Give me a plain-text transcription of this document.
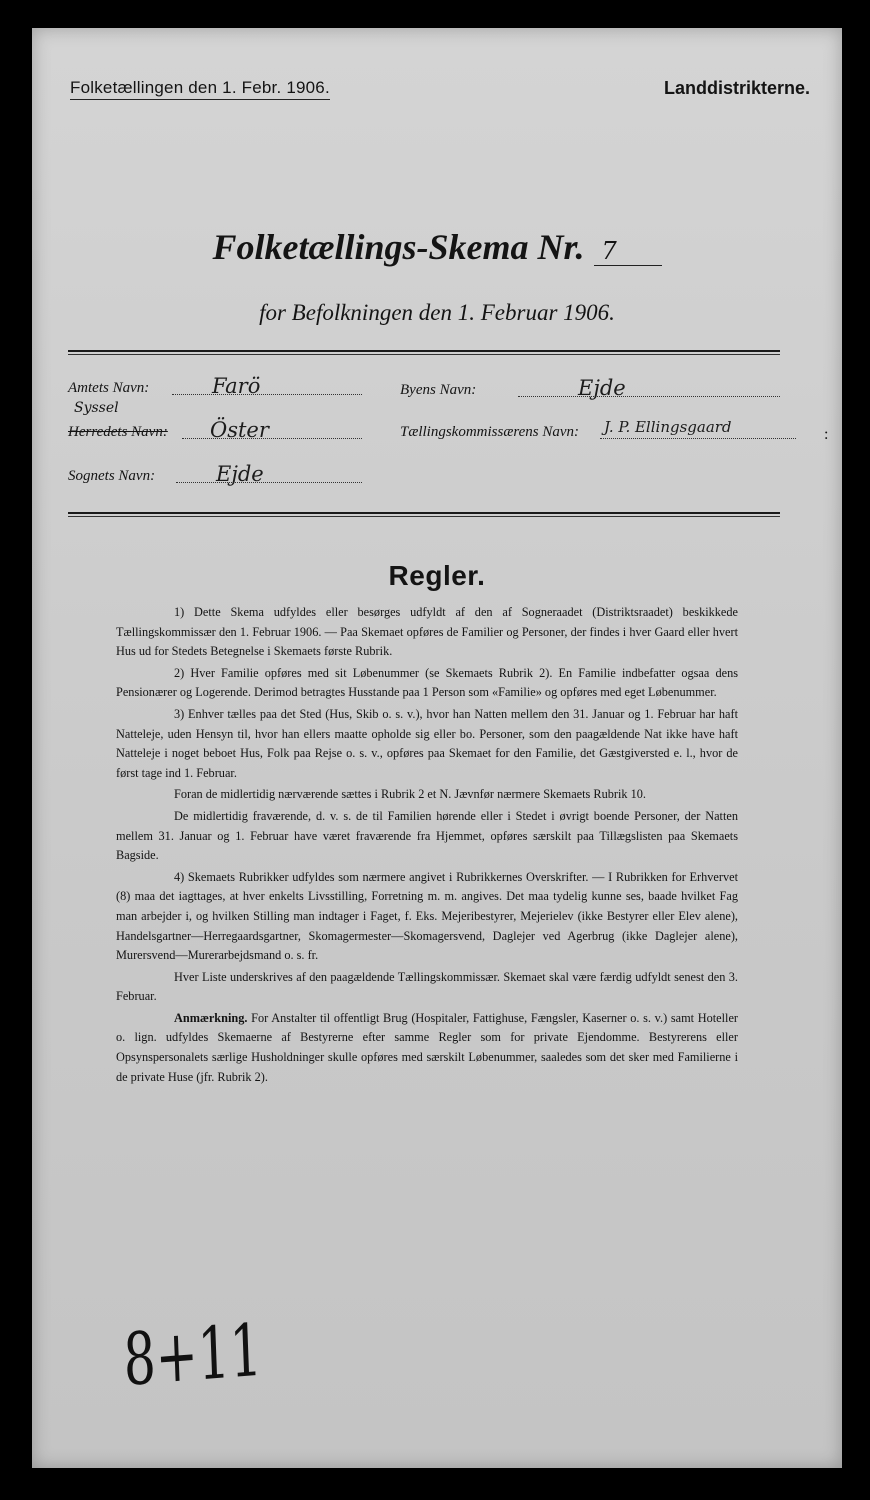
Folketællingen den 1. Febr. 1906.	Landdistrikterne.
Folketællings-Skema Nr. 7
for Befolkningen den 1. Februar 1906.
Amtets Navn:	Farö
Syssel
Herredets Navn:	Öster
Sognets Navn:	Ejde
Byens Navn:	Ejde
Tællingskommissærens Navn: J. P. Ellingsgaard	:
Regler.

1) Dette Skema udfyldes eller besørges udfyldt af den af Sogneraadet (Distriktsraadet) beskikkede Tællingskommissær den 1. Februar 1906. — Paa Skemaet opføres de Familier og Personer, der findes i hver Gaard eller hvert Hus ud for Stedets Betegnelse i Skemaets første Rubrik.

2) Hver Familie opføres med sit Løbenummer (se Skemaets Rubrik 2). En Familie indbefatter ogsaa dens Pensionærer og Logerende. Derimod betragtes Husstande paa 1 Person som «Familie» og opføres med eget Løbenummer.

3) Enhver tælles paa det Sted (Hus, Skib o. s. v.), hvor han Natten mellem den 31. Januar og 1. Februar har haft Natteleje, uden Hensyn til, hvor han ellers maatte opholde sig eller bo. Personer, som den paagældende Nat ikke have haft Natteleje i noget beboet Hus, Folk paa Rejse o. s. v., opføres paa Skemaet for den Familie, det Gæstgiversted e. l., hvor de først tage ind 1. Februar.

Foran de midlertidig nærværende sættes i Rubrik 2 et N. Jævnfør nærmere Skemaets Rubrik 10.

De midlertidig fraværende, d. v. s. de til Familien hørende eller i Stedet i øvrigt boende Personer, der Natten mellem 31. Januar og 1. Februar have været fraværende fra Hjemmet, opføres særskilt paa Tillægslisten paa Skemaets Bagside.

4) Skemaets Rubrikker udfyldes som nærmere angivet i Rubrikkernes Overskrifter. — I Rubrikken for Erhvervet (8) maa det iagttages, at hver enkelts Livsstilling, Forretning m. m. angives. Det maa tydelig kunne ses, baade hvilket Fag man arbejder i, og hvilken Stilling man indtager i Faget, f. Eks. Mejeribestyrer, Mejerielev (ikke Bestyrer eller Elev alene), Handelsgartner—Herregaardsgartner, Skomagermester—Skomagersvend, Daglejer ved Agerbrug (ikke Daglejer alene), Murersvend—Murerarbejdsmand o. s. fr.

Hver Liste underskrives af den paagældende Tællingskommissær. Skemaet skal være færdig udfyldt senest den 3. Februar.

Anmærkning. For Anstalter til offentligt Brug (Hospitaler, Fattighuse, Fængsler, Kaserner o. s. v.) samt Hoteller o. lign. udfyldes Skemaerne af Bestyrerne efter samme Regler som for private Ejendomme. Bestyrerens eller Opsynspersonalets særlige Husholdninger skulle opføres med særskilt Løbenummer, saaledes som det sker med Familierne i de private Huse (jfr. Rubrik 2).

8+11
